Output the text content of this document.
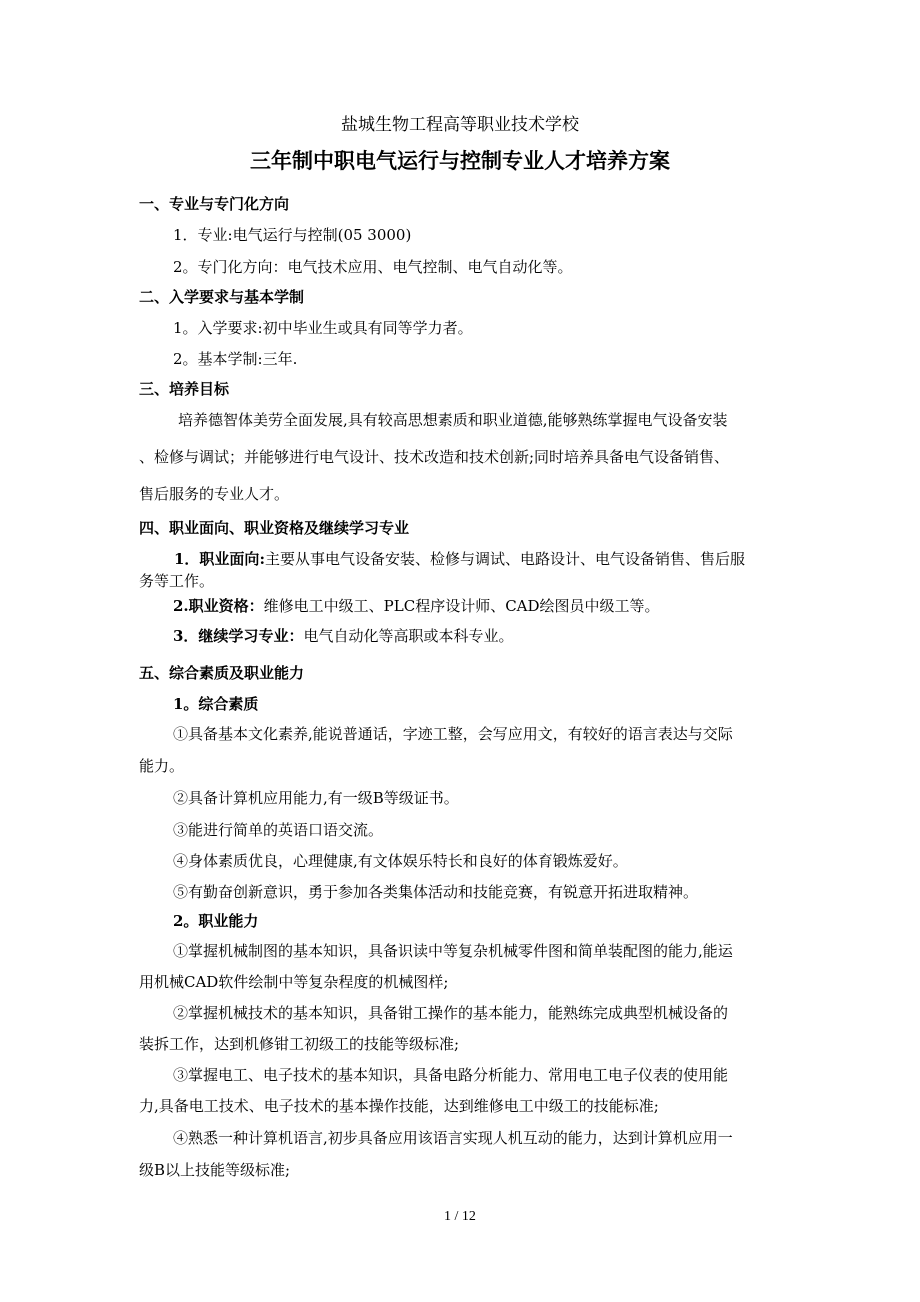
盐城生物工程高等职业技术学校
三年制中职电气运行与控制专业人才培养方案
一、专业与专门化方向
1．专业:电气运行与控制(05 3000)
2。专门化方向：电气技术应用、电气控制、电气自动化等。
二、入学要求与基本学制
1。入学要求:初中毕业生或具有同等学力者。
2。基本学制:三年.
三、培养目标
培养德智体美劳全面发展,具有较高思想素质和职业道德,能够熟练掌握电气设备安装
、检修与调试；并能够进行电气设计、技术改造和技术创新;同时培养具备电气设备销售、
售后服务的专业人才。
四、职业面向、职业资格及继续学习专业
1．职业面向:主要从事电气设备安装、检修与调试、电路设计、电气设备销售、售后服
务等工作。
2.职业资格：维修电工中级工、PLC程序设计师、CAD绘图员中级工等。
3．继续学习专业：电气自动化等高职或本科专业。
五、综合素质及职业能力
1。综合素质
①具备基本文化素养,能说普通话，字迹工整，会写应用文，有较好的语言表达与交际
能力。
②具备计算机应用能力,有一级B等级证书。
③能进行简单的英语口语交流。
④身体素质优良，心理健康,有文体娱乐特长和良好的体育锻炼爱好。
⑤有勤奋创新意识，勇于参加各类集体活动和技能竞赛，有锐意开拓进取精神。
2。职业能力
①掌握机械制图的基本知识，具备识读中等复杂机械零件图和简单装配图的能力,能运
用机械CAD软件绘制中等复杂程度的机械图样;
②掌握机械技术的基本知识，具备钳工操作的基本能力，能熟练完成典型机械设备的
装拆工作，达到机修钳工初级工的技能等级标准;
③掌握电工、电子技术的基本知识，具备电路分析能力、常用电工电子仪表的使用能
力,具备电工技术、电子技术的基本操作技能，达到维修电工中级工的技能标准;
④熟悉一种计算机语言,初步具备应用该语言实现人机互动的能力，达到计算机应用一
级B以上技能等级标准;
1 / 12
